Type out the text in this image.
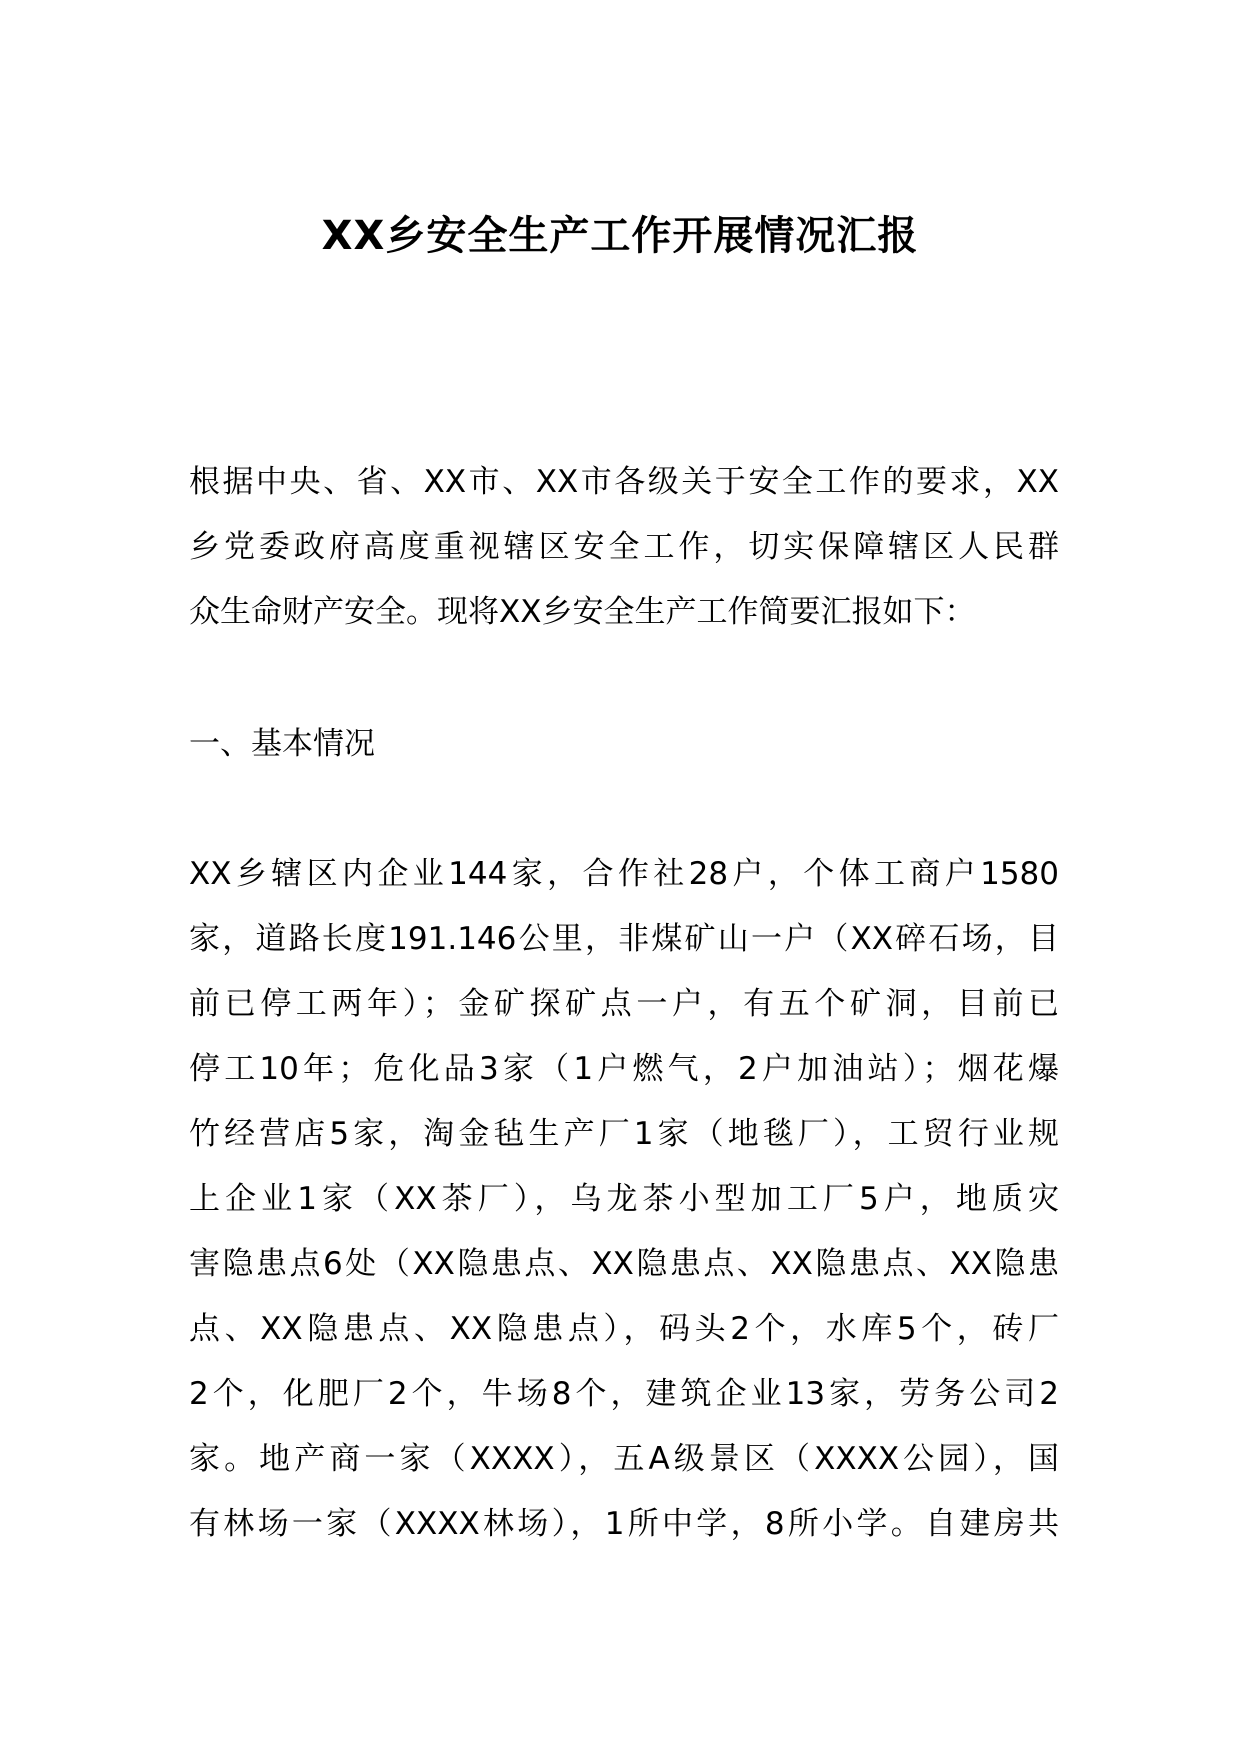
XX乡安全生产工作开展情况汇报
根据中央、省、XX市、XX市各级关于安全工作的要求，XX
乡党委政府高度重视辖区安全工作，切实保障辖区人民群
众生命财产安全。现将XX乡安全生产工作简要汇报如下：
一、基本情况
XX乡辖区内企业144家，合作社28户，个体工商户1580
家，道路长度191.146公里，非煤矿山一户（XX碎石场，目
前已停工两年）；金矿探矿点一户，有五个矿洞，目前已
停工10年；危化品3家（1户燃气，2户加油站）；烟花爆
竹经营店5家，淘金毡生产厂1家（地毯厂），工贸行业规
上企业1家（XX茶厂），乌龙茶小型加工厂5户，地质灾
害隐患点6处（XX隐患点、XX隐患点、XX隐患点、XX隐患
点、XX隐患点、XX隐患点），码头2个，水库5个，砖厂
2个，化肥厂2个，牛场8个，建筑企业13家，劳务公司2
家。地产商一家（XXXX），五A级景区（XXXX公园），国
有林场一家（XXXX林场），1所中学，8所小学。自建房共
